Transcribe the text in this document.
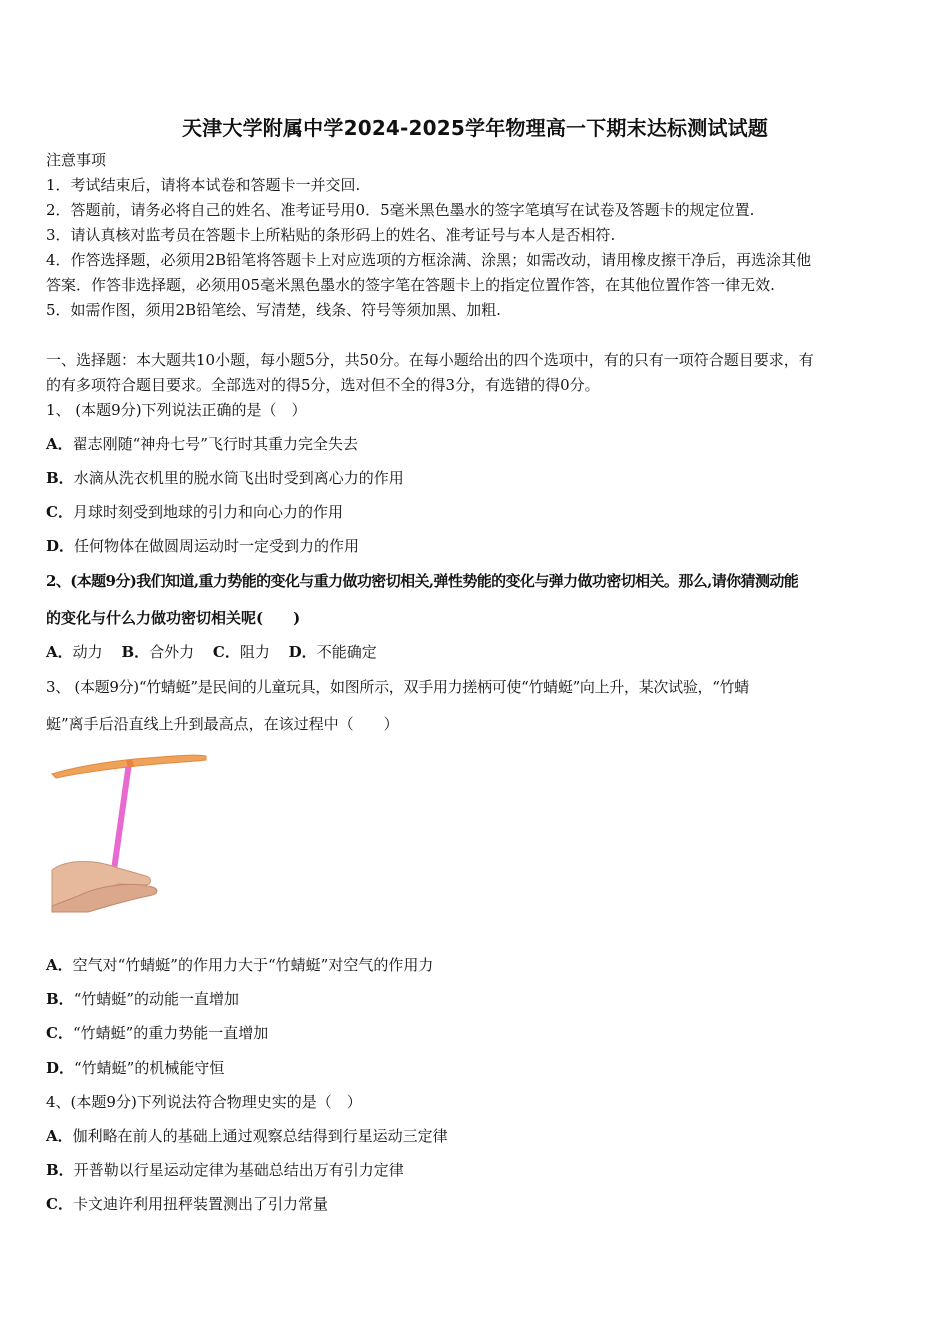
天津大学附属中学2024-2025学年物理高一下期末达标测试试题
注意事项
1．考试结束后，请将本试卷和答题卡一并交回.
2．答题前，请务必将自己的姓名、准考证号用0．5毫米黑色墨水的签字笔填写在试卷及答题卡的规定位置.
3．请认真核对监考员在答题卡上所粘贴的条形码上的姓名、准考证号与本人是否相符.
4．作答选择题，必须用2B铅笔将答题卡上对应选项的方框涂满、涂黑；如需改动，请用橡皮擦干净后，再选涂其他
答案．作答非选择题，必须用05毫米黑色墨水的签字笔在答题卡上的指定位置作答，在其他位置作答一律无效.
5．如需作图，须用2B铅笔绘、写清楚，线条、符号等须加黑、加粗.
一、选择题：本大题共10小题，每小题5分，共50分。在每小题给出的四个选项中，有的只有一项符合题目要求，有
的有多项符合题目要求。全部选对的得5分，选对但不全的得3分，有选错的得0分。
1、 (本题9分)下列说法正确的是（　）
A．翟志刚随“神舟七号”飞行时其重力完全失去
B．水滴从洗衣机里的脱水筒飞出时受到离心力的作用
C．月球时刻受到地球的引力和向心力的作用
D．任何物体在做圆周运动时一定受到力的作用
2、(本题9分)我们知道,重力势能的变化与重力做功密切相关,弹性势能的变化与弹力做功密切相关。那么,请你猜测动能
的变化与什么力做功密切相关呢(　　)
A．动力 B．合外力 C．阻力 D．不能确定
3、 (本题9分)“竹蜻蜓”是民间的儿童玩具，如图所示，双手用力搓柄可使“竹蜻蜓”向上升，某次试验，“竹蜻
蜓”离手后沿直线上升到最高点，在该过程中（　　）
A．空气对“竹蜻蜓”的作用力大于“竹蜻蜓”对空气的作用力
B．“竹蜻蜓”的动能一直增加
C．“竹蜻蜓”的重力势能一直增加
D．“竹蜻蜓”的机械能守恒
4、(本题9分)下列说法符合物理史实的是（　）
A．伽利略在前人的基础上通过观察总结得到行星运动三定律
B．开普勒以行星运动定律为基础总结出万有引力定律
C．卡文迪许利用扭秤装置测出了引力常量
